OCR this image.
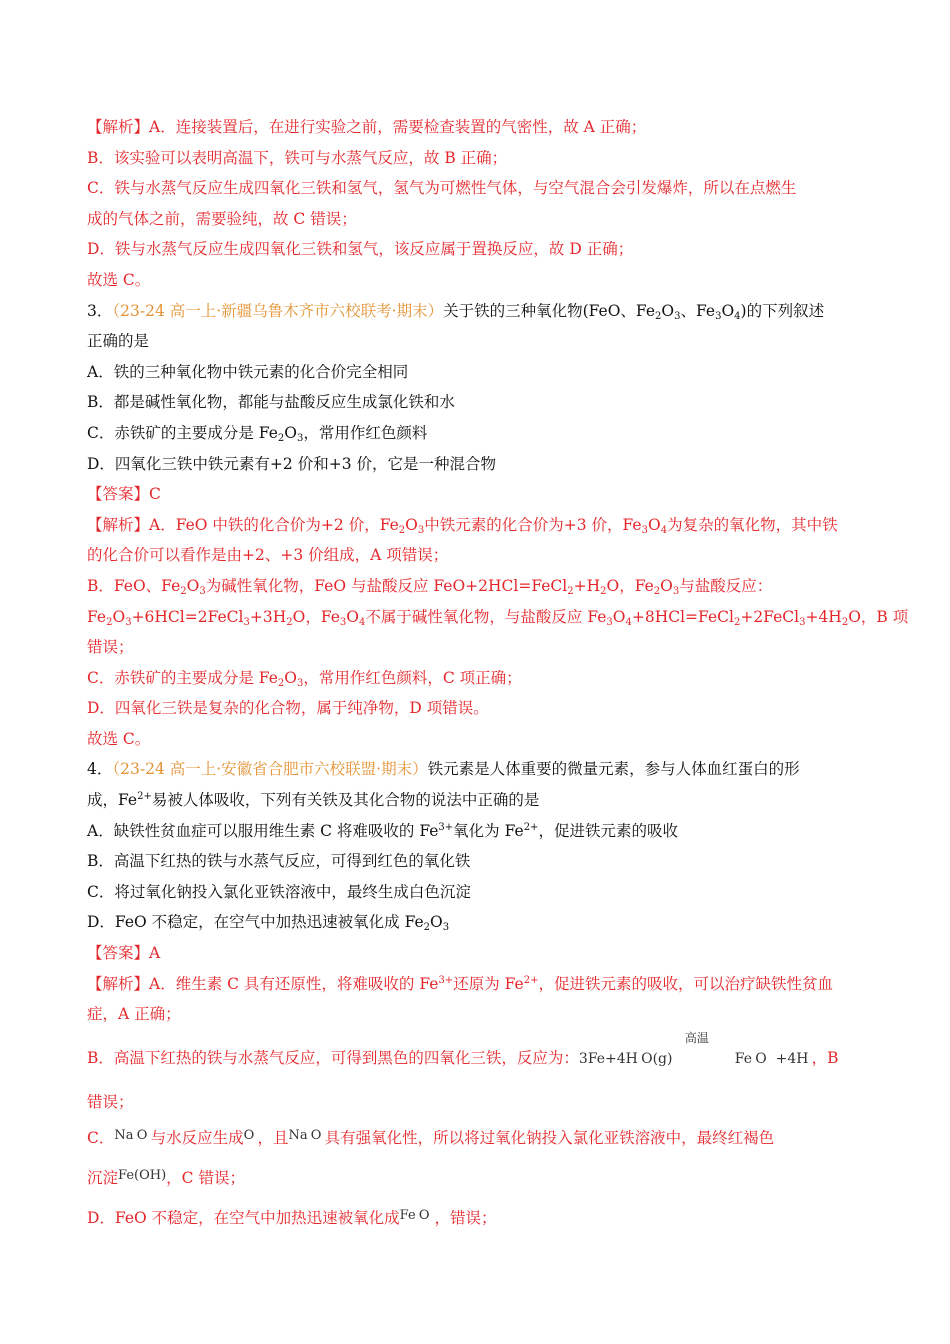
【解析】A．连接装置后，在进行实验之前，需要检查装置的气密性，故 A 正确；
B．该实验可以表明高温下，铁可与水蒸气反应，故 B 正确；
C．铁与水蒸气反应生成四氧化三铁和氢气，氢气为可燃性气体，与空气混合会引发爆炸，所以在点燃生
成的气体之前，需要验纯，故 C 错误；
D．铁与水蒸气反应生成四氧化三铁和氢气，该反应属于置换反应，故 D 正确；
故选 C。
3．（23-24 高一上·新疆乌鲁木齐市六校联考·期末）关于铁的三种氧化物(FeO、$Fe_2O_3$、$Fe_3O_4$)的下列叙述
正确的是
A．铁的三种氧化物中铁元素的化合价完全相同
B．都是碱性氧化物，都能与盐酸反应生成氯化铁和水
C．赤铁矿的主要成分是 $Fe_2O_3$，常用作红色颜料
D．四氧化三铁中铁元素有+2 价和+3 价，它是一种混合物
【答案】C
【解析】A．FeO 中铁的化合价为+2 价，$Fe_2O_3$中铁元素的化合价为+3 价，$Fe_3O_4$为复杂的氧化物，其中铁
的化合价可以看作是由+2、+3 价组成，A 项错误；
B．FeO、$Fe_2O_3$为碱性氧化物，FeO 与盐酸反应 $FeO+2HCl=FeCl_2+H_2O$，$Fe_2O_3$与盐酸反应：
$Fe_2O_3+6HCl=2FeCl_3+3H_2O$，$Fe_3O_4$不属于碱性氧化物，与盐酸反应 $Fe_3O_4+8HCl=FeCl_2+2FeCl_3+4H_2O$，B 项
错误；
C．赤铁矿的主要成分是 $Fe_2O_3$，常用作红色颜料，C 项正确；
D．四氧化三铁是复杂的化合物，属于纯净物，D 项错误。
故选 C。
4．（23-24 高一上·安徽省合肥市六校联盟·期末）铁元素是人体重要的微量元素，参与人体血红蛋白的形
成，$Fe^{2+}$易被人体吸收，下列有关铁及其化合物的说法中正确的是
A．缺铁性贫血症可以服用维生素 C 将难吸收的 $Fe^{3+}$氧化为 $Fe^{2+}$，促进铁元素的吸收
B．高温下红热的铁与水蒸气反应，可得到红色的氧化铁
C．将过氧化钠投入氯化亚铁溶液中，最终生成白色沉淀
D．FeO 不稳定，在空气中加热迅速被氧化成 $Fe_2O_3$
【答案】A
【解析】A．维生素 C 具有还原性，将难吸收的 $Fe^{3+}$还原为 $Fe^{2+}$，促进铁元素的吸收，可以治疗缺铁性贫血
症，A 正确；
B．高温下红热的铁与水蒸气反应，可得到黑色的四氧化三铁，反应为：
高温
3Fe+4H O(g)	Fe O +4H ，B
错误；
C．$^{Na O}$ 与水反应生成$^O$ ，且$^{Na O}$ 具有强氧化性，所以将过氧化钠投入氯化亚铁溶液中，最终红褐色
沉淀$^{Fe(OH)}$，C 错误；
D．FeO 不稳定，在空气中加热迅速被氧化成$^{Fe O}$ ，错误；
